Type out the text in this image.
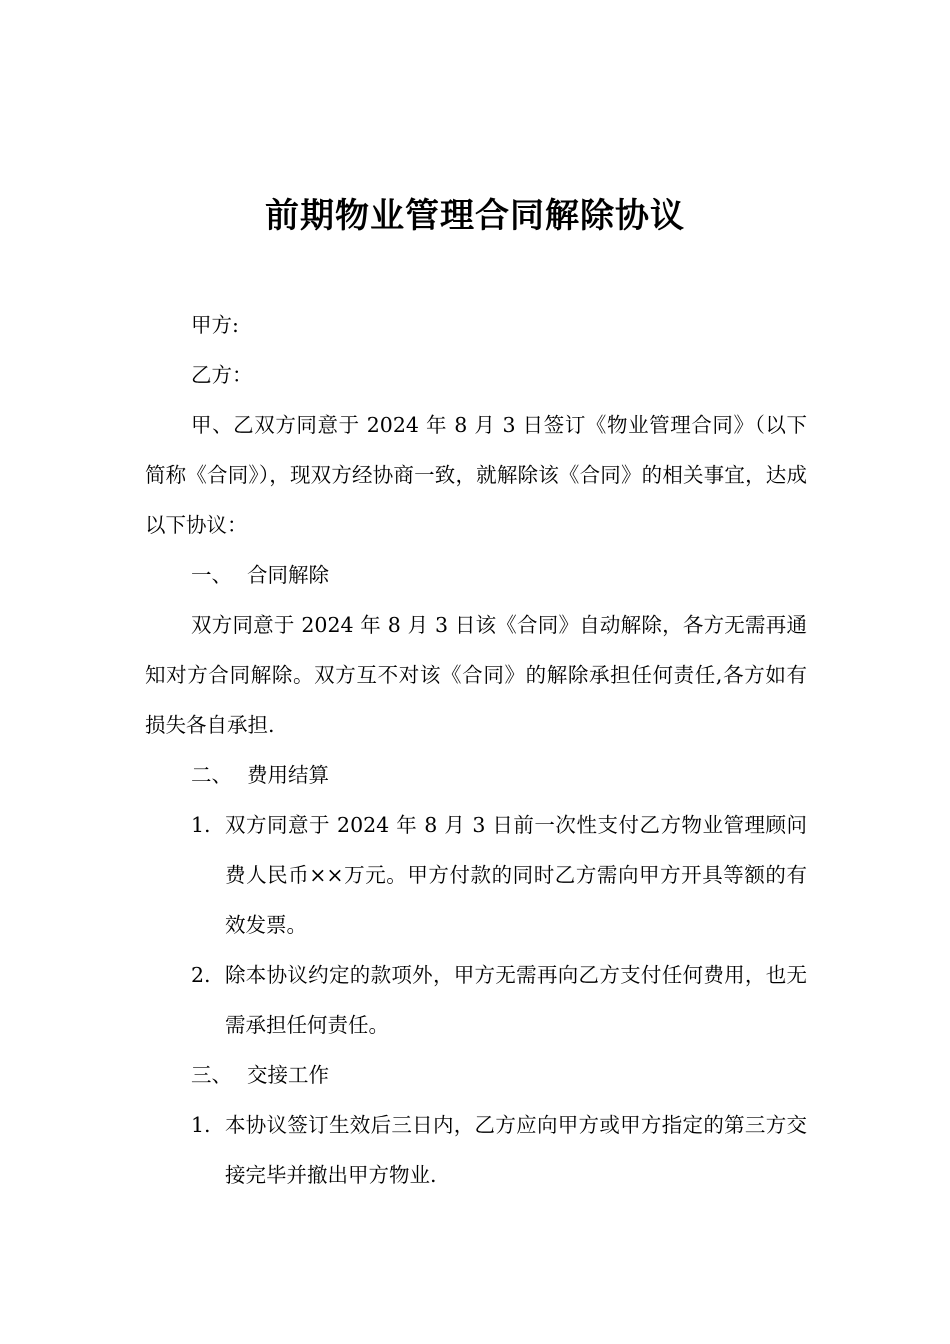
前期物业管理合同解除协议

甲方:

乙方：

甲、乙双方同意于 2024 年 8 月 3 日签订《物业管理合同》（以下简称《合同》），现双方经协商一致，就解除该《合同》的相关事宜，达成以下协议：

一、 合同解除

双方同意于 2024 年 8 月 3 日该《合同》自动解除，各方无需再通知对方合同解除。双方互不对该《合同》的解除承担任何责任,各方如有损失各自承担.

二、 费用结算

1. 双方同意于 2024 年 8 月 3 日前一次性支付乙方物业管理顾问费人民币××万元。甲方付款的同时乙方需向甲方开具等额的有效发票。
2. 除本协议约定的款项外，甲方无需再向乙方支付任何费用，也无需承担任何责任。

三、 交接工作

1. 本协议签订生效后三日内，乙方应向甲方或甲方指定的第三方交接完毕并撤出甲方物业.
